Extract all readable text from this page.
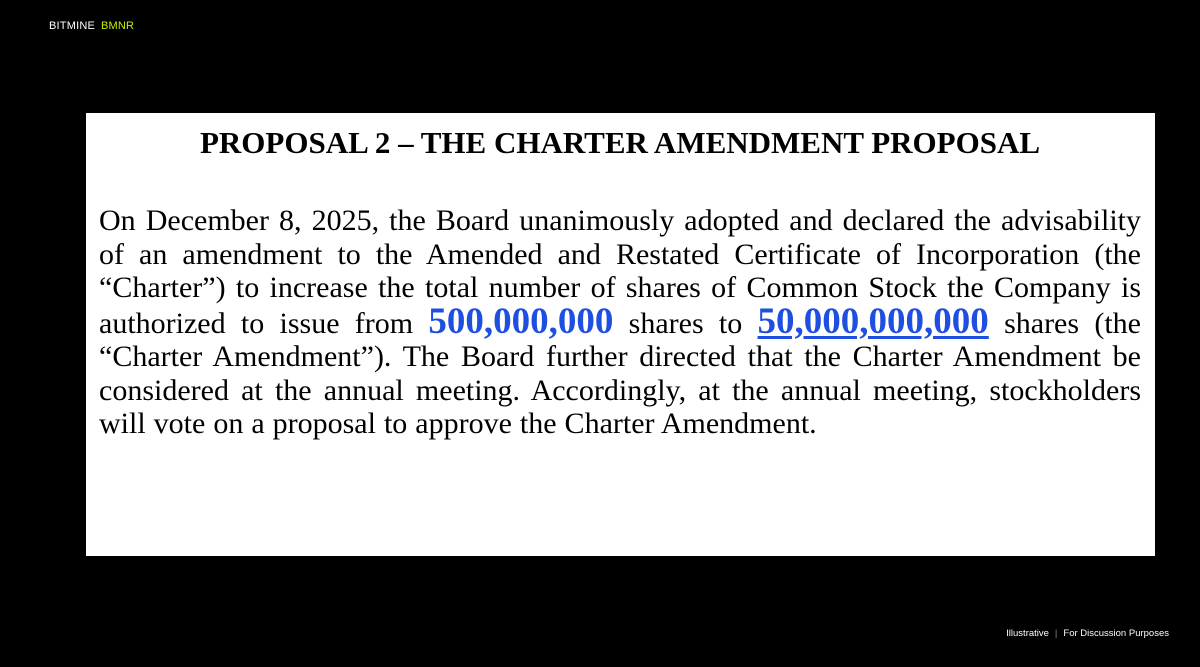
BITMINE BMNR
PROPOSAL 2 – THE CHARTER AMENDMENT PROPOSAL

On December 8, 2025, the Board unanimously adopted and declared the advisability of an amendment to the Amended and Restated Certificate of Incorporation (the “Charter”) to increase the total number of shares of Common Stock the Company is authorized to issue from 500,000,000 shares to 50,000,000,000 shares (the “Charter Amendment”). The Board further directed that the Charter Amendment be considered at the annual meeting. Accordingly, at the annual meeting, stockholders will vote on a proposal to approve the Charter Amendment.

Illustrative | For Discussion Purposes
